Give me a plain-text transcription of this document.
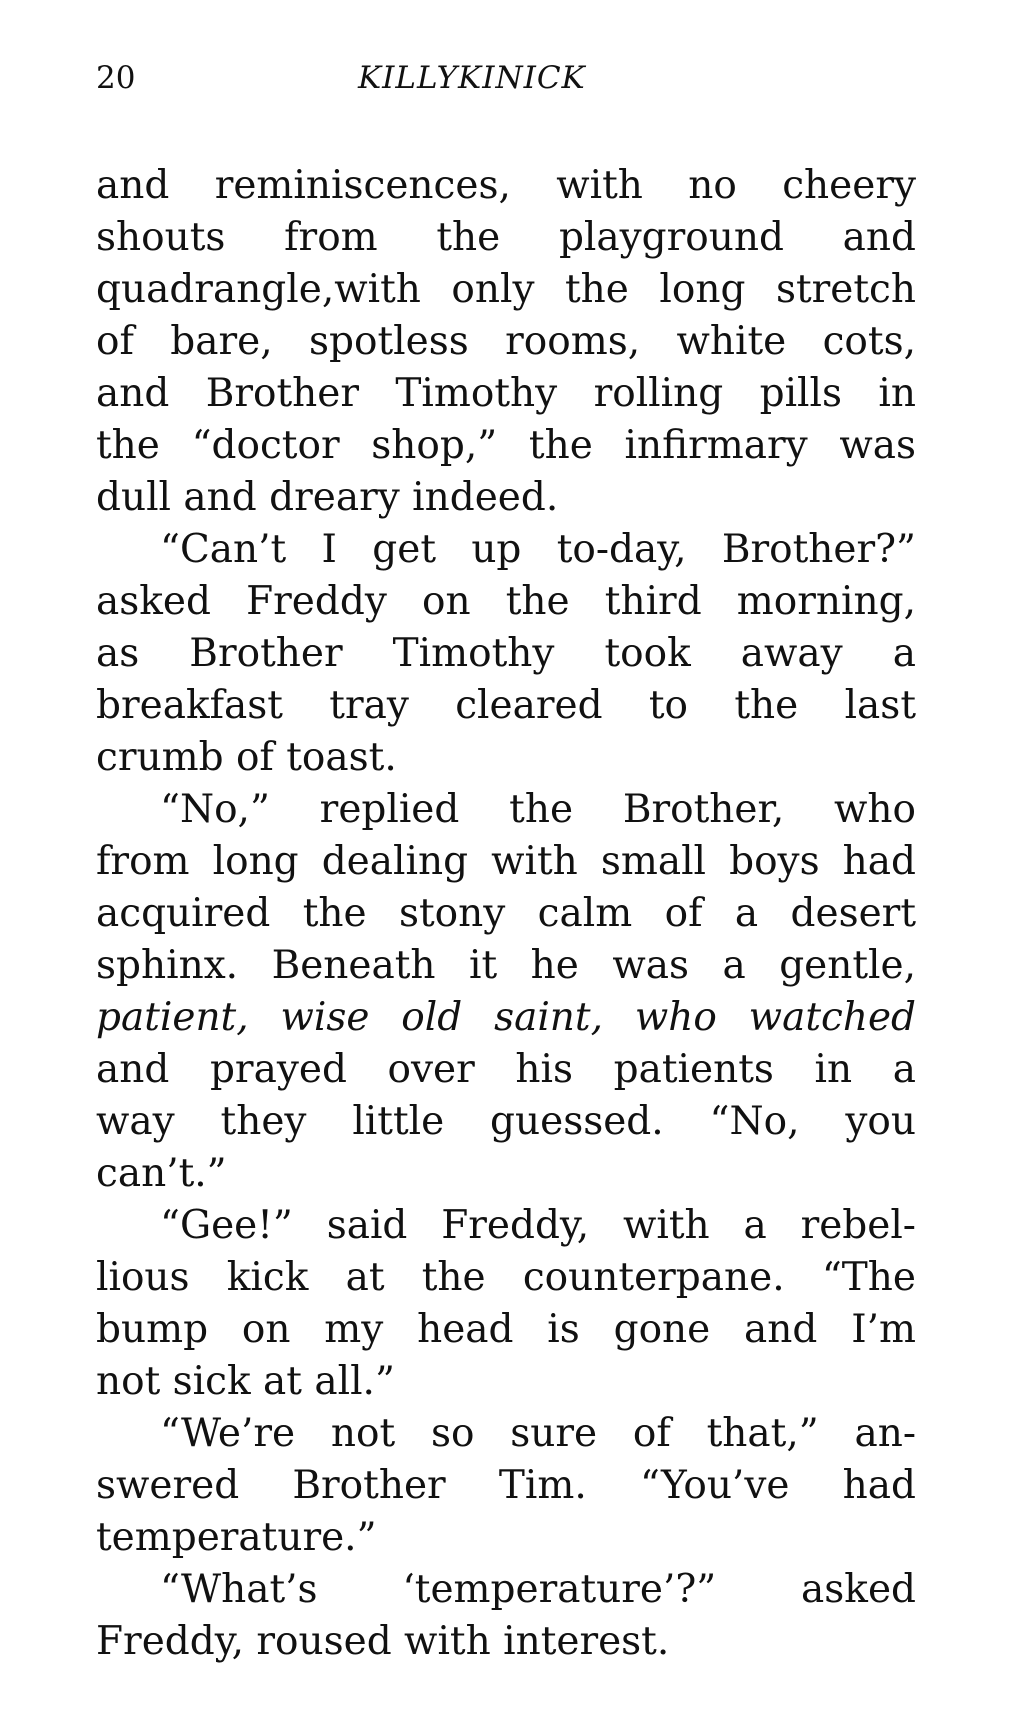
20	KILLYKINICK
and reminiscences, with no cheery
shouts from the playground and
quadrangle,with only the long stretch
of bare, spotless rooms, white cots,
and Brother Timothy rolling pills in
the “doctor shop,” the infirmary was
dull and dreary indeed.
“Can’t I get up to-day, Brother?”
asked Freddy on the third morning,
as Brother Timothy took away a
breakfast tray cleared to the last
crumb of toast.
“No,” replied the Brother, who
from long dealing with small boys had
acquired the stony calm of a desert
sphinx. Beneath it he was a gentle,
patient, wise old saint, who watched
and prayed over his patients in a
way they little guessed. “No, you
can’t.”
“Gee!” said Freddy, with a rebel-
lious kick at the counterpane. “The
bump on my head is gone and I’m
not sick at all.”
“We’re not so sure of that,” an-
swered Brother Tim. “You’ve had
temperature.”
“What’s ‘temperature’?” asked
Freddy, roused with interest.
